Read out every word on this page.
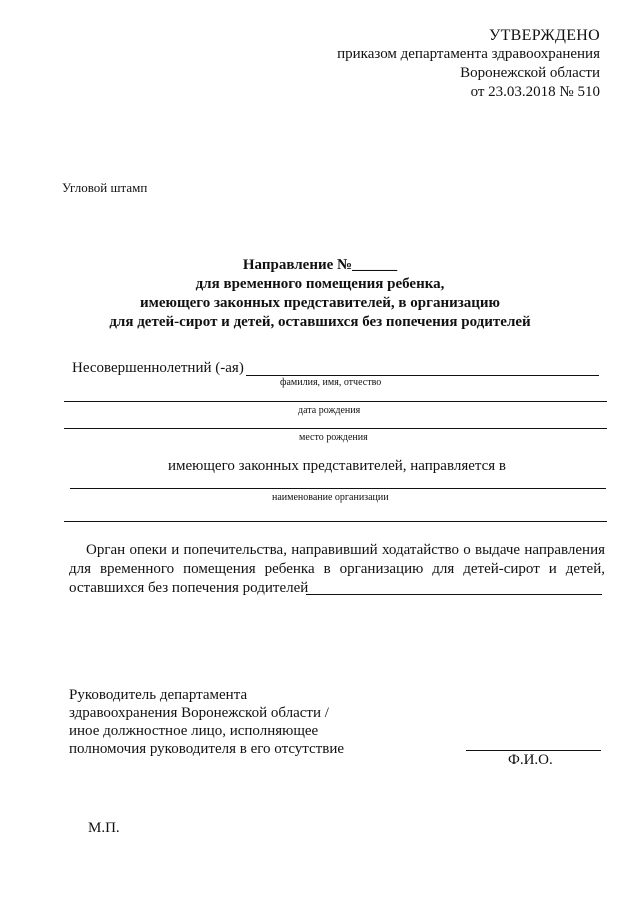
УТВЕРЖДЕНО
приказом департамента здравоохранения
Воронежской области
от 23.03.2018 № 510
Угловой штамп
Направление №______
для временного помещения ребенка,
имеющего законных представителей, в организацию
для детей-сирот и детей, оставшихся без попечения родителей
Несовершеннолетний (-ая)
фамилия, имя, отчество
дата рождения
место рождения
имеющего законных представителей, направляется в
наименование организации
Орган опеки и попечительства, направивший ходатайство о выдаче направления
для временного помещения ребенка в организацию для детей-сирот и детей,
оставшихся без попечения родителей
Руководитель департамента
здравоохранения Воронежской области /
иное должностное лицо, исполняющее
полномочия руководителя в его отсутствие
Ф.И.О.
М.П.
